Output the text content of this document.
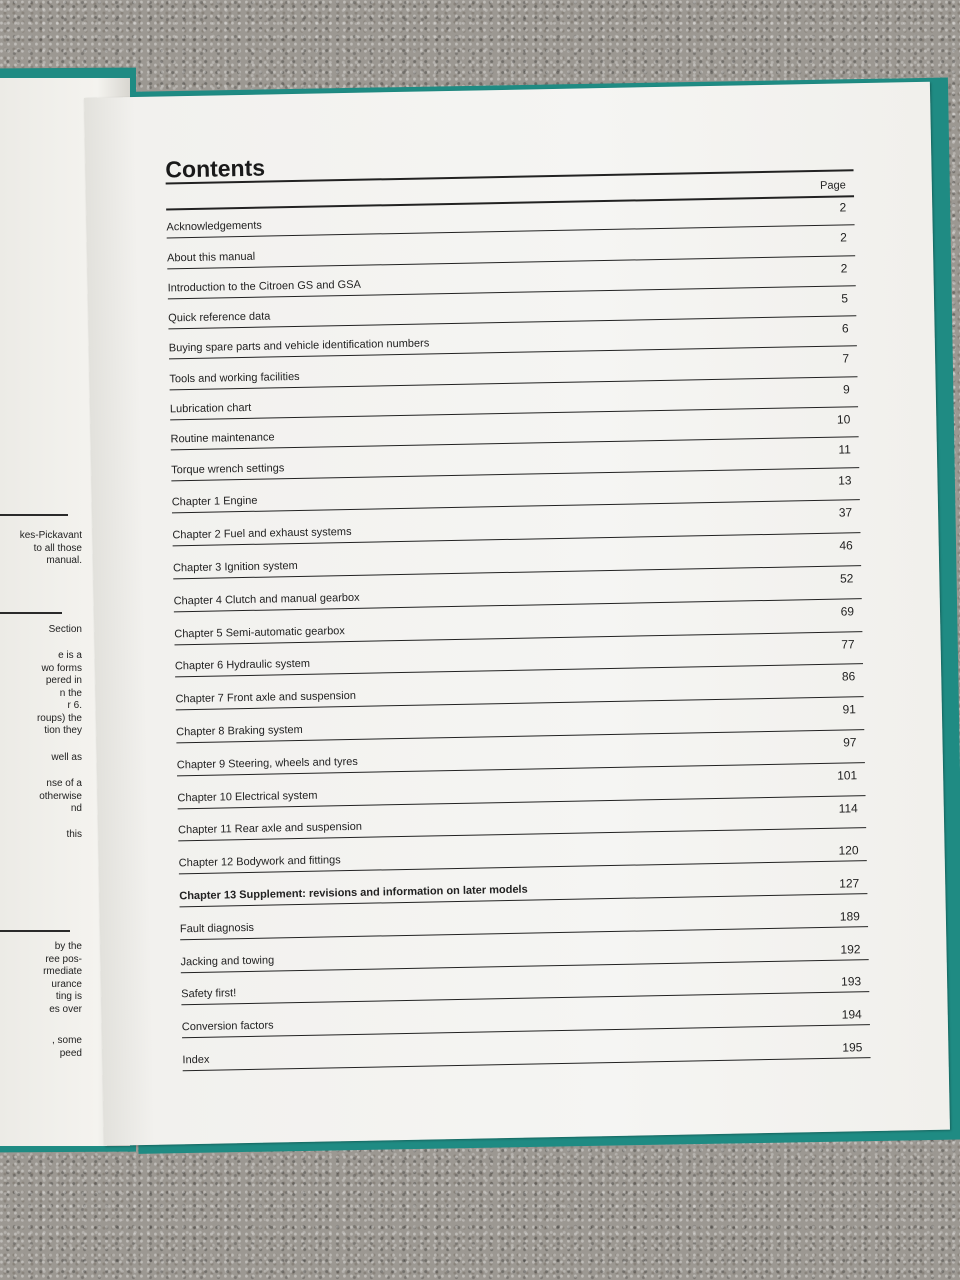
kes-Pickavant
to all those
manual.
Section
e is a
wo forms
pered in
n the
r 6.
roups) the
tion they
well as
nse of a
otherwise
nd
this
by the
ree pos-
rmediate
urance
ting is
es over
, some
peed
Contents
Page
Acknowledgements
2
About this manual
2
Introduction to the Citroen GS and GSA
2
Quick reference data
5
Buying spare parts and vehicle identification numbers
6
Tools and working facilities
7
Lubrication chart
9
Routine maintenance
10
Torque wrench settings
11
Chapter 1 Engine
13
Chapter 2 Fuel and exhaust systems
37
Chapter 3 Ignition system
46
Chapter 4 Clutch and manual gearbox
52
Chapter 5 Semi-automatic gearbox
69
Chapter 6 Hydraulic system
77
Chapter 7 Front axle and suspension
86
Chapter 8 Braking system
91
Chapter 9 Steering, wheels and tyres
97
Chapter 10 Electrical system
101
Chapter 11 Rear axle and suspension
114
Chapter 12 Bodywork and fittings
120
Chapter 13 Supplement: revisions and information on later models
127
Fault diagnosis
189
Jacking and towing
192
Safety first!
193
Conversion factors
194
Index
195
